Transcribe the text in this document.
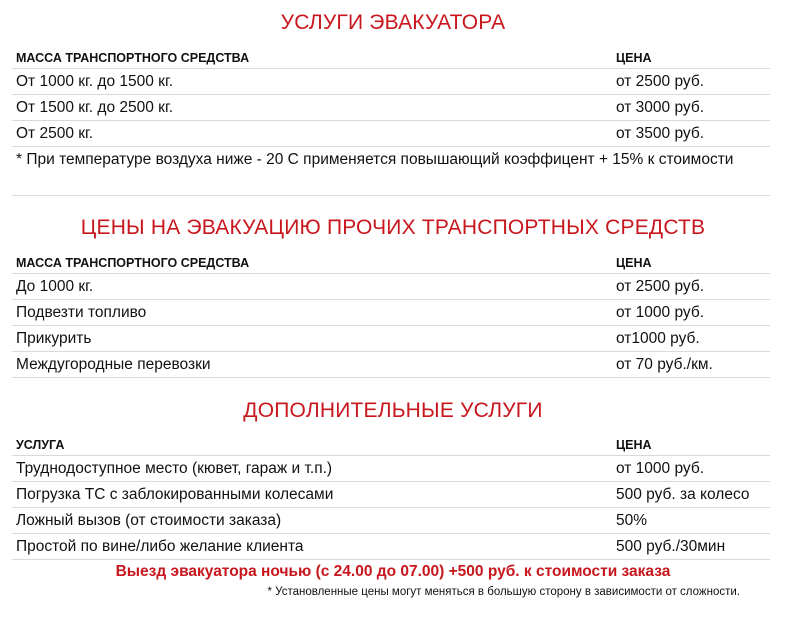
УСЛУГИ ЭВАКУАТОРА
МАССА ТРАНСПОРТНОГО СРЕДСТВА	ЦЕНА
От 1000 кг. до 1500 кг.	от 2500 руб.
От 1500 кг. до 2500 кг.	от 3000 руб.
От 2500 кг.	от 3500 руб.
* При температуре воздуха ниже - 20 С применяется повышающий коэффицент + 15% к стоимости
ЦЕНЫ НА ЭВАКУАЦИЮ ПРОЧИХ ТРАНСПОРТНЫХ СРЕДСТВ
МАССА ТРАНСПОРТНОГО СРЕДСТВА	ЦЕНА
До 1000 кг.	от 2500 руб.
Подвезти топливо	от 1000 руб.
Прикурить	от1000 руб.
Междугородные перевозки	от 70 руб./км.
ДОПОЛНИТЕЛЬНЫЕ УСЛУГИ
УСЛУГА	ЦЕНА
Труднодоступное место (кювет, гараж и т.п.)	от 1000 руб.
Погрузка ТС с заблокированными колесами	500 руб. за колесо
Ложный вызов (от стоимости заказа)	50%
Простой по вине/либо желание клиента	500 руб./30мин
Выезд эвакуатора ночью (с 24.00 до 07.00) +500 руб. к стоимости заказа
* Установленные цены могут меняться в большую сторону в зависимости от сложности.
